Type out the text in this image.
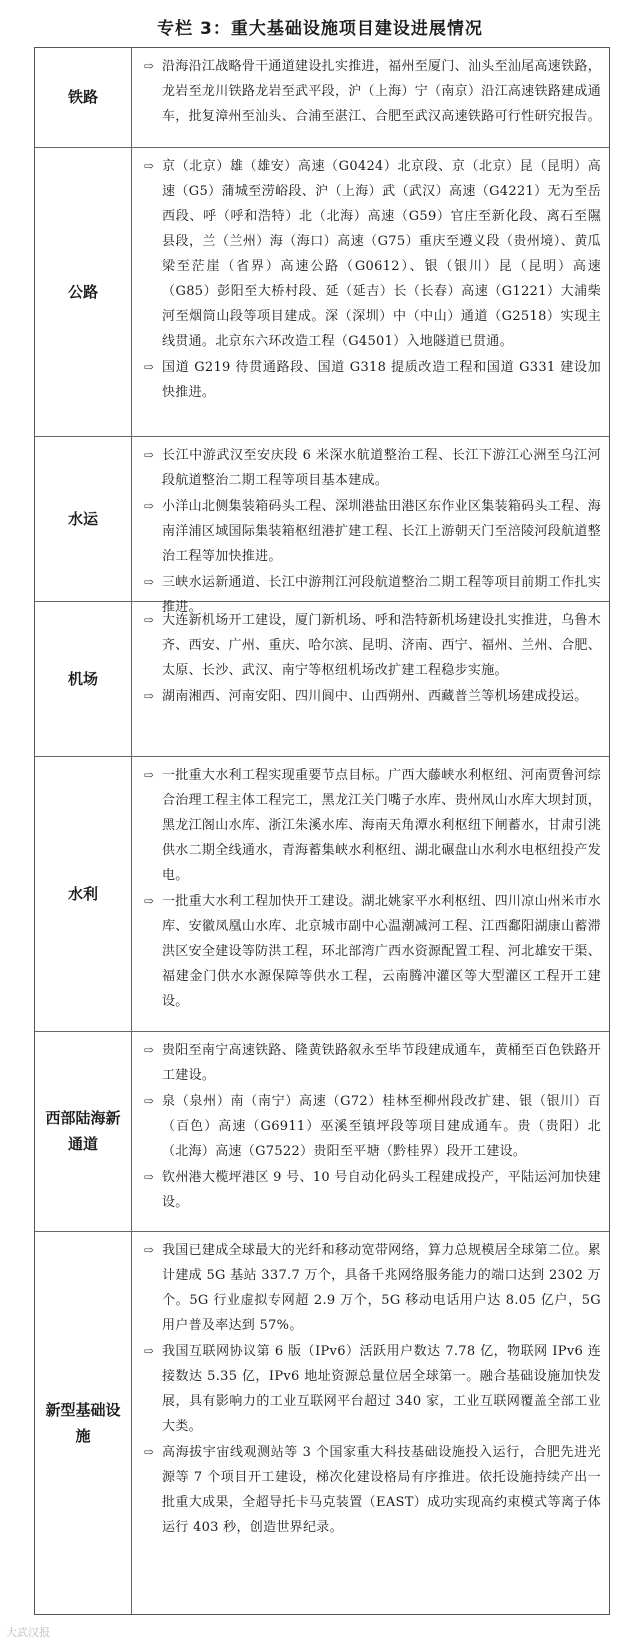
专栏 3：重大基础设施项目建设进展情况
铁路
⇨ 沿海沿江战略骨干通道建设扎实推进，福州至厦门、汕头至汕尾高速铁路，龙岩至龙川铁路龙岩至武平段，沪（上海）宁（南京）沿江高速铁路建成通车，批复漳州至汕头、合浦至湛江、合肥至武汉高速铁路可行性研究报告。
公路
⇨ 京（北京）雄（雄安）高速（G0424）北京段、京（北京）昆（昆明）高速（G5）蒲城至涝峪段、沪（上海）武（武汉）高速（G4221）无为至岳西段、呼（呼和浩特）北（北海）高速（G59）官庄至新化段、离石至隰县段，兰（兰州）海（海口）高速（G75）重庆至遵义段（贵州境）、黄瓜梁至茫崖（省界）高速公路（G0612）、银（银川）昆（昆明）高速（G85）彭阳至大桥村段、延（延吉）长（长春）高速（G1221）大浦柴河至烟筒山段等项目建成。深（深圳）中（中山）通道（G2518）实现主线贯通。北京东六环改造工程（G4501）入地隧道已贯通。
⇨ 国道 G219 待贯通路段、国道 G318 提质改造工程和国道 G331 建设加快推进。
水运
⇨ 长江中游武汉至安庆段 6 米深水航道整治工程、长江下游江心洲至乌江河段航道整治二期工程等项目基本建成。
⇨ 小洋山北侧集装箱码头工程、深圳港盐田港区东作业区集装箱码头工程、海南洋浦区域国际集装箱枢纽港扩建工程、长江上游朝天门至涪陵河段航道整治工程等加快推进。
⇨ 三峡水运新通道、长江中游荆江河段航道整治二期工程等项目前期工作扎实推进。
机场
⇨ 大连新机场开工建设，厦门新机场、呼和浩特新机场建设扎实推进，乌鲁木齐、西安、广州、重庆、哈尔滨、昆明、济南、西宁、福州、兰州、合肥、太原、长沙、武汉、南宁等枢纽机场改扩建工程稳步实施。
⇨ 湖南湘西、河南安阳、四川阆中、山西朔州、西藏普兰等机场建成投运。
水利
⇨ 一批重大水利工程实现重要节点目标。广西大藤峡水利枢纽、河南贾鲁河综合治理工程主体工程完工，黑龙江关门嘴子水库、贵州凤山水库大坝封顶，黑龙江阁山水库、浙江朱溪水库、海南天角潭水利枢纽下闸蓄水，甘肃引洮供水二期全线通水，青海蓄集峡水利枢纽、湖北碾盘山水利水电枢纽投产发电。
⇨ 一批重大水利工程加快开工建设。湖北姚家平水利枢纽、四川凉山州米市水库、安徽凤凰山水库、北京城市副中心温潮减河工程、江西鄱阳湖康山蓄滞洪区安全建设等防洪工程，环北部湾广西水资源配置工程、河北雄安干渠、福建金门供水水源保障等供水工程，云南腾冲灌区等大型灌区工程开工建设。
西部陆海新通道
⇨ 贵阳至南宁高速铁路、隆黄铁路叙永至毕节段建成通车，黄桶至百色铁路开工建设。
⇨ 泉（泉州）南（南宁）高速（G72）桂林至柳州段改扩建、银（银川）百（百色）高速（G6911）巫溪至镇坪段等项目建成通车。贵（贵阳）北（北海）高速（G7522）贵阳至平塘（黔桂界）段开工建设。
⇨ 钦州港大榄坪港区 9 号、10 号自动化码头工程建成投产，平陆运河加快建设。
新型基础设施
⇨ 我国已建成全球最大的光纤和移动宽带网络，算力总规模居全球第二位。累计建成 5G 基站 337.7 万个，具备千兆网络服务能力的端口达到 2302 万个。5G 行业虚拟专网超 2.9 万个，5G 移动电话用户达 8.05 亿户，5G 用户普及率达到 57%。
⇨ 我国互联网协议第 6 版（IPv6）活跃用户数达 7.78 亿，物联网 IPv6 连接数达 5.35 亿，IPv6 地址资源总量位居全球第一。融合基础设施加快发展，具有影响力的工业互联网平台超过 340 家，工业互联网覆盖全部工业大类。
⇨ 高海拔宇宙线观测站等 3 个国家重大科技基础设施投入运行，合肥先进光源等 7 个项目开工建设，梯次化建设格局有序推进。依托设施持续产出一批重大成果，全超导托卡马克装置（EAST）成功实现高约束模式等离子体运行 403 秒，创造世界纪录。
大武汉报
